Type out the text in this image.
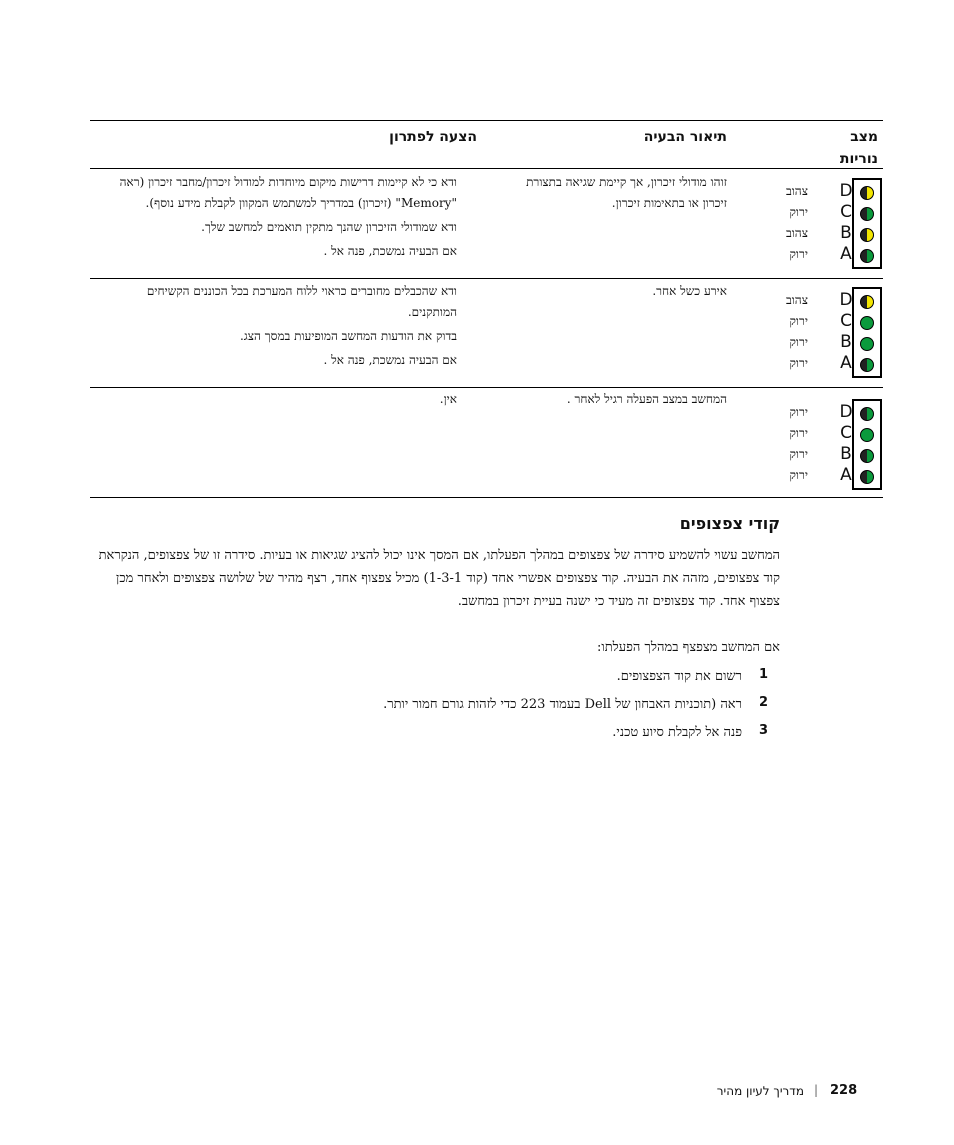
מצב נוריות
תיאור הבעיה
הצעה לפתרון
D
C
B
A
צהוב
ירוק
צהוב
ירוק
זוהו מודולי זיכרון, אך קיימת שגיאה בתצורת זיכרון או בתאימות זיכרון.

ודא כי לא קיימות דרישות מיקום מיוחדות למודול זיכרון/מחבר זיכרון (ראה "Memory" (זיכרון) במדריך למשתמש המקוון לקבלת מידע נוסף).

ודא שמודולי הזיכרון שהנך מתקין תואמים למחשב שלך.

אם הבעיה נמשכת, פנה אל .

D
C
B
A
צהוב
ירוק
ירוק
ירוק
אירע כשל אחר.

ודא שהכבלים מחוברים כראוי ללוח המערכת בכל הכוננים הקשיחים המותקנים.

בדוק את הודעות המחשב המופיעות במסך הצג.

אם הבעיה נמשכת, פנה אל .

D
C
B
A
ירוק
ירוק
ירוק
ירוק
המחשב במצב הפעלה רגיל לאחר .

אין.

קודי צפצופים
המחשב עשוי להשמיע סידרה של צפצופים במהלך הפעלתו, אם המסך אינו יכול להציג שגיאות או בעיות. סידרה זו של צפצופים, הנקראת קוד צפצופים, מזהה את הבעיה. קוד צפצופים אפשרי אחד (קוד 1-3-1) מכיל צפצוף אחד, רצף מהיר של שלושה צפצופים ולאחר מכן צפצוף אחד. קוד צפצופים זה מעיד כי ישנה בעיית זיכרון במחשב.
אם המחשב מצפצף במהלך הפעלתו:
1
רשום את קוד הצפצופים.
2
ראה (תוכניות האבחון של Dell בעמוד 223 כדי לזהות גורם חמור יותר.
3
פנה אל לקבלת סיוע טכני.
228
|
מדריך לעיון מהיר
